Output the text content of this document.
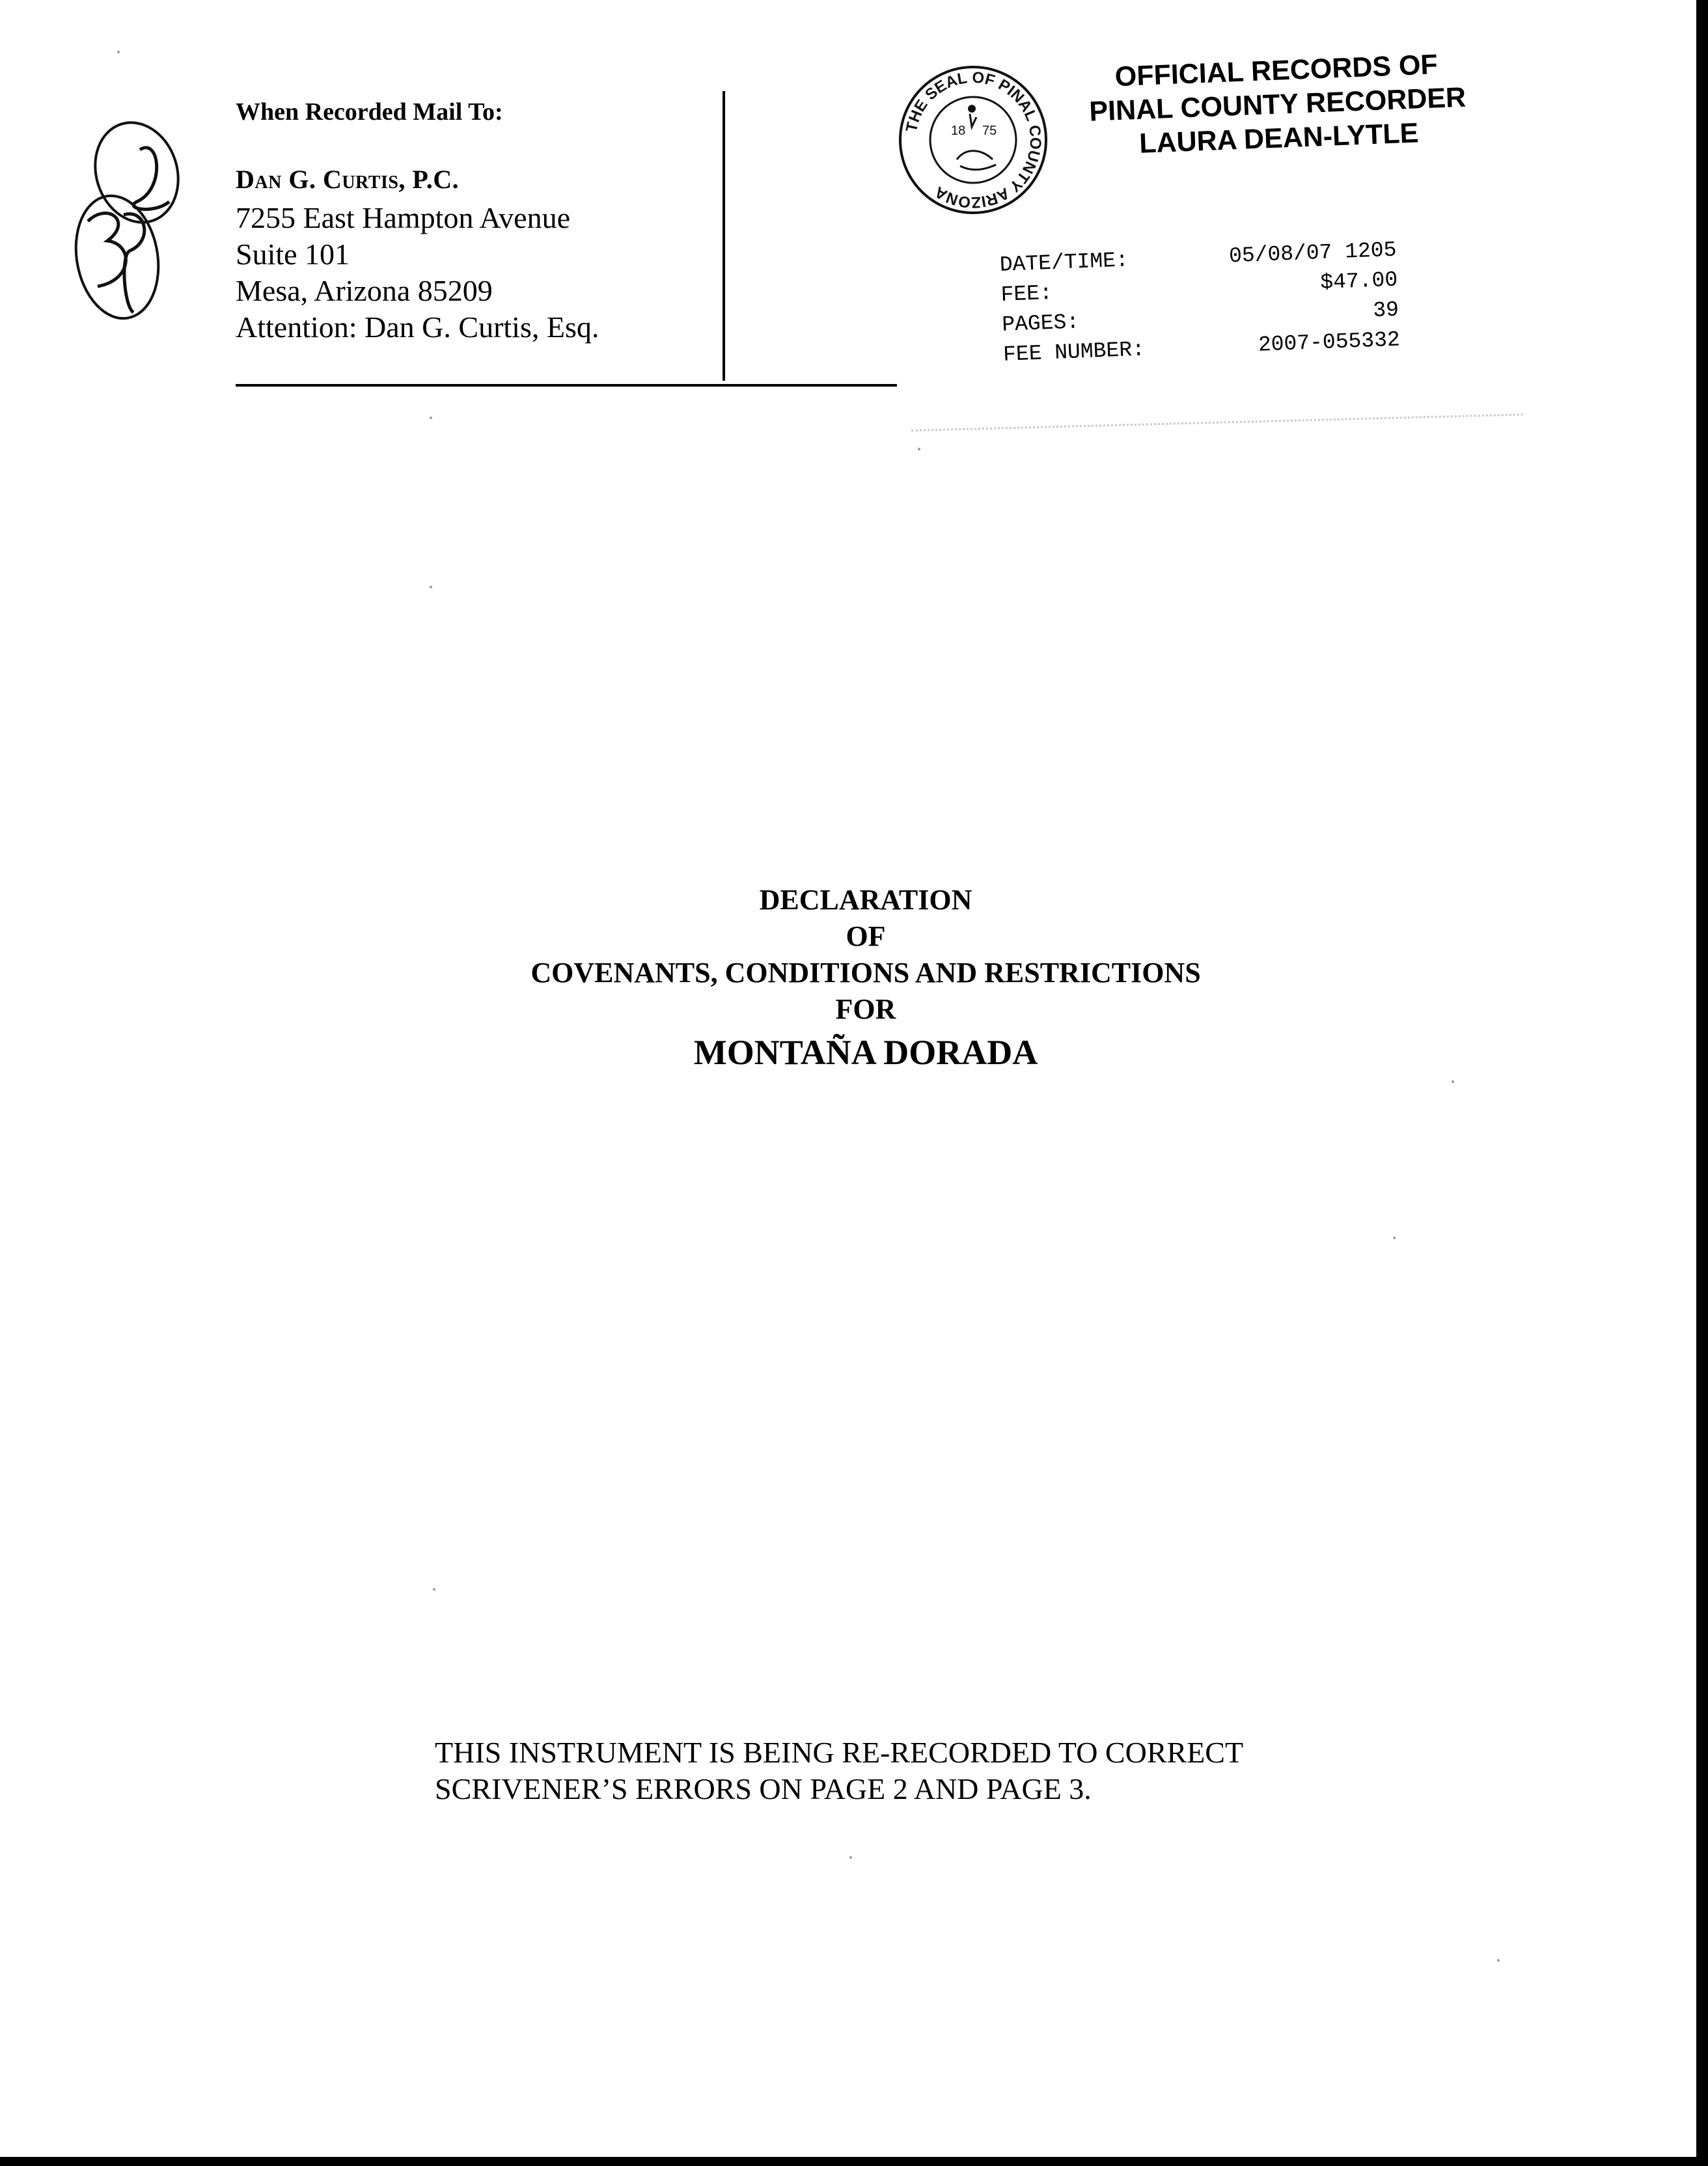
When Recorded Mail To:

Dan G. Curtis, P.C.

7255 East Hampton Avenue

Suite 101

Mesa, Arizona 85209

Attention: Dan G. Curtis, Esq.

THE SEAL OF PINAL COUNTY ARIZONA
18 75
OFFICIAL RECORDS OF
PINAL COUNTY RECORDER
LAURA DEAN-LYTLE
DATE/TIME:	05/08/07 1205
FEE:	$47.00
PAGES:	39
FEE NUMBER:	2007-055332
DECLARATION
OF
COVENANTS, CONDITIONS AND RESTRICTIONS
FOR
MONTAÑA DORADA

THIS INSTRUMENT IS BEING RE-RECORDED TO CORRECT

SCRIVENER’S ERRORS ON PAGE 2 AND PAGE 3.
